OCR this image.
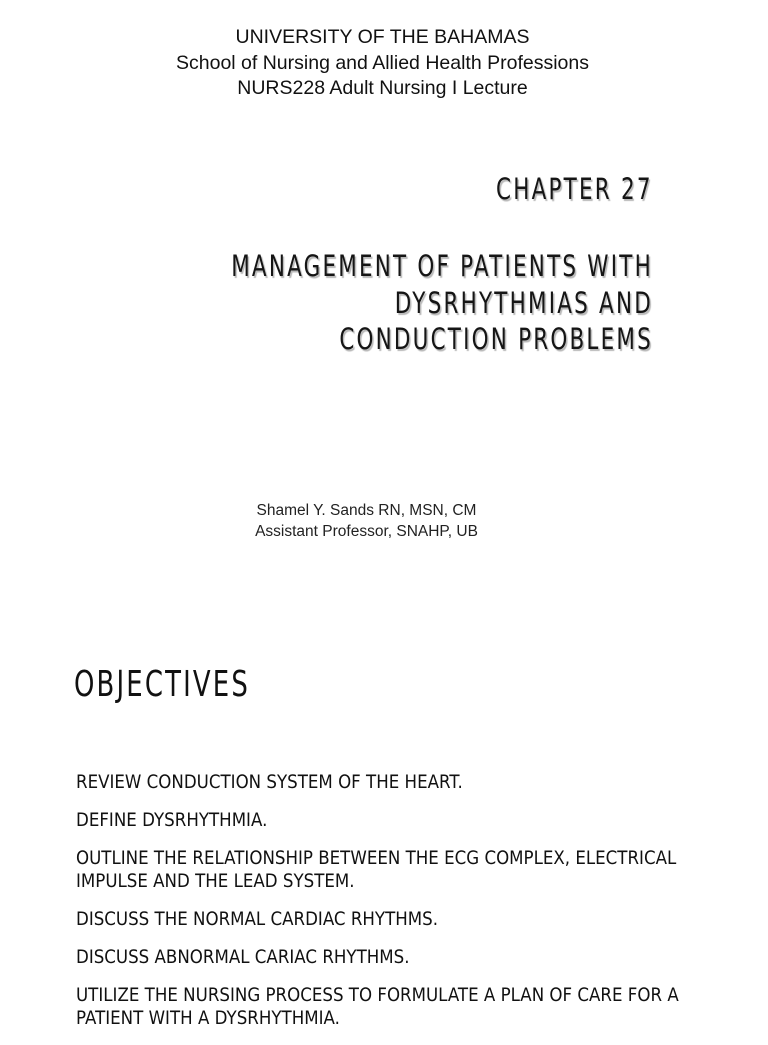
UNIVERSITY OF THE BAHAMAS
School of Nursing and Allied Health Professions
NURS228 Adult Nursing I Lecture
CHAPTER 27
MANAGEMENT OF PATIENTS WITH
DYSRHYTHMIAS AND
CONDUCTION PROBLEMS
Shamel Y. Sands RN, MSN, CM
Assistant Professor, SNAHP, UB
OBJECTIVES
REVIEW CONDUCTION SYSTEM OF THE HEART.
DEFINE DYSRHYTHMIA.
OUTLINE THE RELATIONSHIP BETWEEN THE ECG COMPLEX, ELECTRICAL IMPULSE AND THE LEAD SYSTEM.
DISCUSS THE NORMAL CARDIAC RHYTHMS.
DISCUSS ABNORMAL CARIAC RHYTHMS.
UTILIZE THE NURSING PROCESS TO FORMULATE A PLAN OF CARE FOR A PATIENT WITH A DYSRHYTHMIA.
